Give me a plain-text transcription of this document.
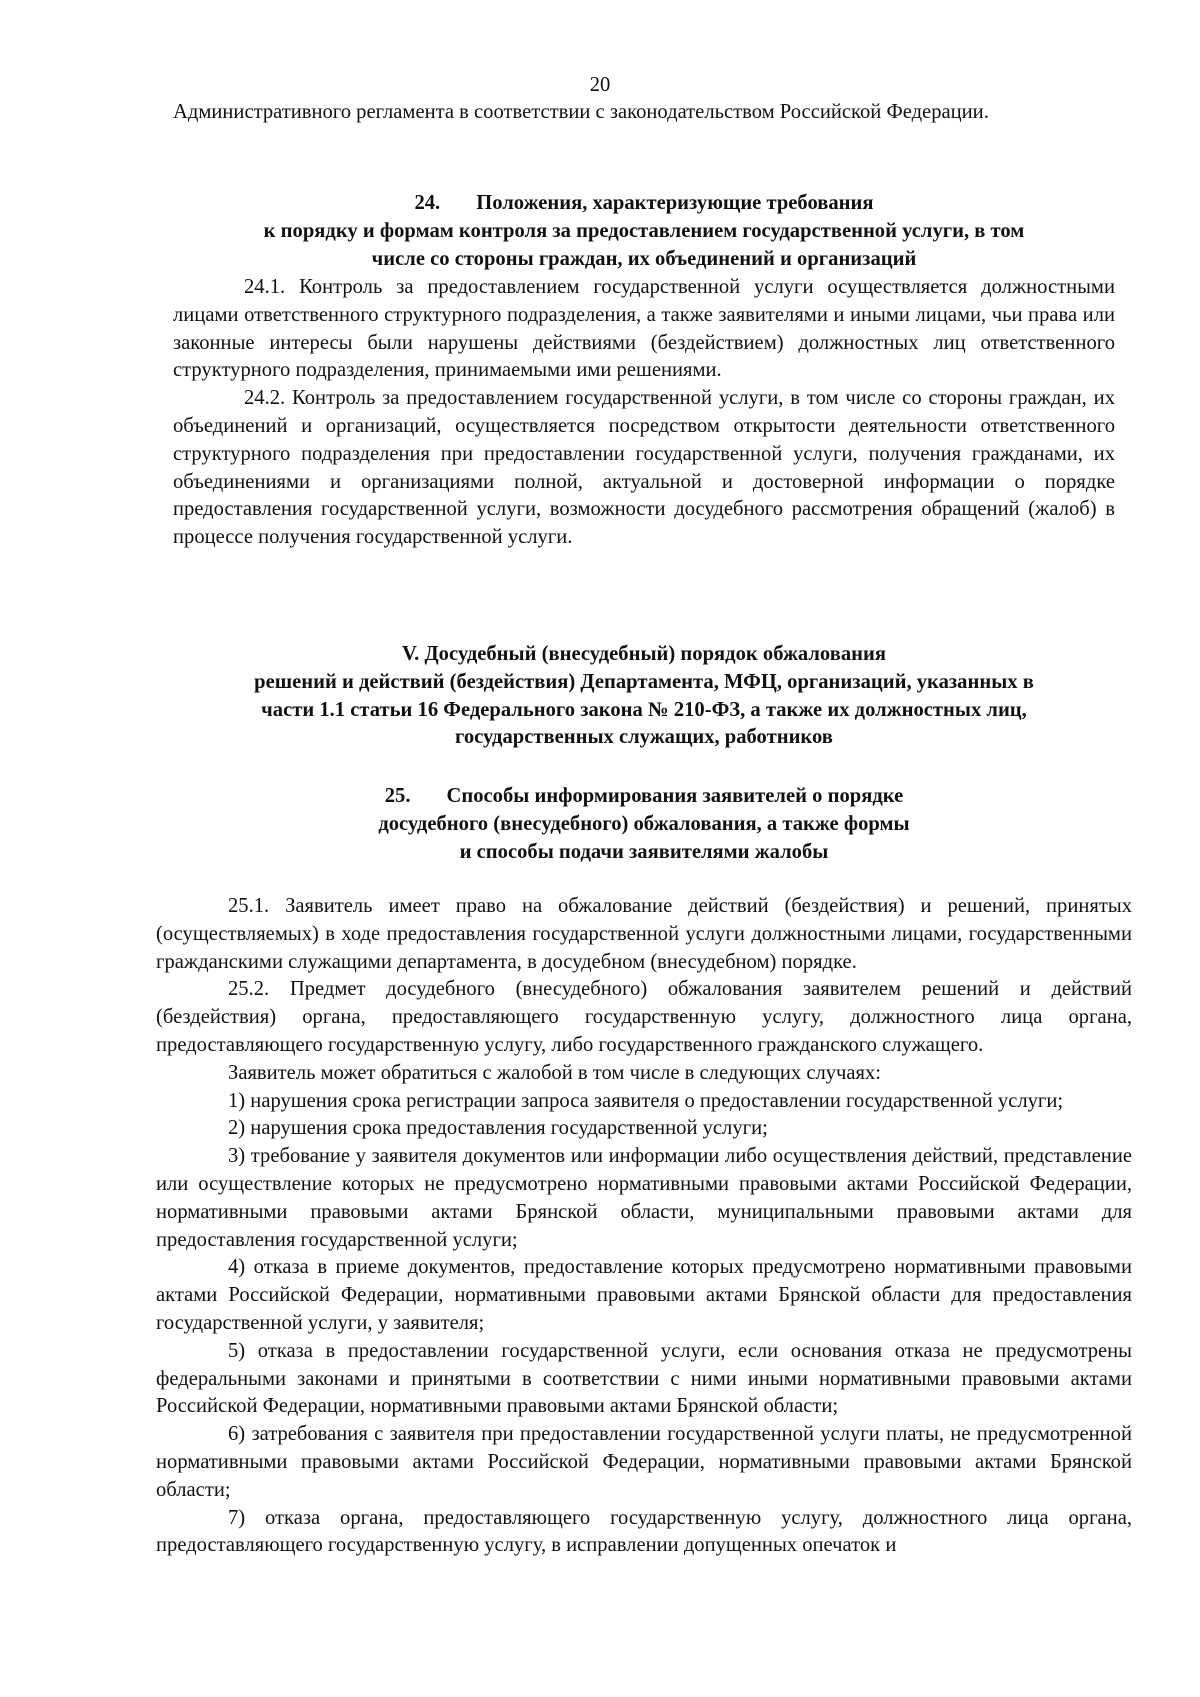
20

Административного регламента в соответствии с законодательством Российской Федерации.

24. Положения, характеризующие требования
к порядку и формам контроля за предоставлением государственной услуги, в том
числе со стороны граждан, их объединений и организаций

24.1. Контроль за предоставлением государственной услуги осуществляется должностными лицами ответственного структурного подразделения, а также заявителями и иными лицами, чьи права или законные интересы были нарушены действиями (бездействием) должностных лиц ответственного структурного подразделения, принимаемыми ими решениями.

24.2. Контроль за предоставлением государственной услуги, в том числе со стороны граждан, их объединений и организаций, осуществляется посредством открытости деятельности ответственного структурного подразделения при предоставлении государственной услуги, получения гражданами, их объединениями и организациями полной, актуальной и достоверной информации о порядке предоставления государственной услуги, возможности досудебного рассмотрения обращений (жалоб) в процессе получения государственной услуги.

V. Досудебный (внесудебный) порядок обжалования
решений и действий (бездействия) Департамента, МФЦ, организаций, указанных в
части 1.1 статьи 16 Федерального закона № 210-ФЗ, а также их должностных лиц,
государственных служащих, работников
25. Способы информирования заявителей о порядке
досудебного (внесудебного) обжалования, а также формы
и способы подачи заявителями жалобы

25.1. Заявитель имеет право на обжалование действий (бездействия) и решений, принятых (осуществляемых) в ходе предоставления государственной услуги должностными лицами, государственными гражданскими служащими департамента, в досудебном (внесудебном) порядке.

25.2. Предмет досудебного (внесудебного) обжалования заявителем решений и действий (бездействия) органа, предоставляющего государственную услугу, должностного лица органа, предоставляющего государственную услугу, либо государственного гражданского служащего.

Заявитель может обратиться с жалобой в том числе в следующих случаях:

1) нарушения срока регистрации запроса заявителя о предоставлении государственной услуги;

2) нарушения срока предоставления государственной услуги;

3) требование у заявителя документов или информации либо осуществления действий, представление или осуществление которых не предусмотрено нормативными правовыми актами Российской Федерации, нормативными правовыми актами Брянской области, муниципальными правовыми актами для предоставления государственной услуги;

4) отказа в приеме документов, предоставление которых предусмотрено нормативными правовыми актами Российской Федерации, нормативными правовыми актами Брянской области для предоставления государственной услуги, у заявителя;

5) отказа в предоставлении государственной услуги, если основания отказа не предусмотрены федеральными законами и принятыми в соответствии с ними иными нормативными правовыми актами Российской Федерации, нормативными правовыми актами Брянской области;

6) затребования с заявителя при предоставлении государственной услуги платы, не предусмотренной нормативными правовыми актами Российской Федерации, нормативными правовыми актами Брянской области;

7) отказа органа, предоставляющего государственную услугу, должностного лица органа, предоставляющего государственную услугу, в исправлении допущенных опечаток и
